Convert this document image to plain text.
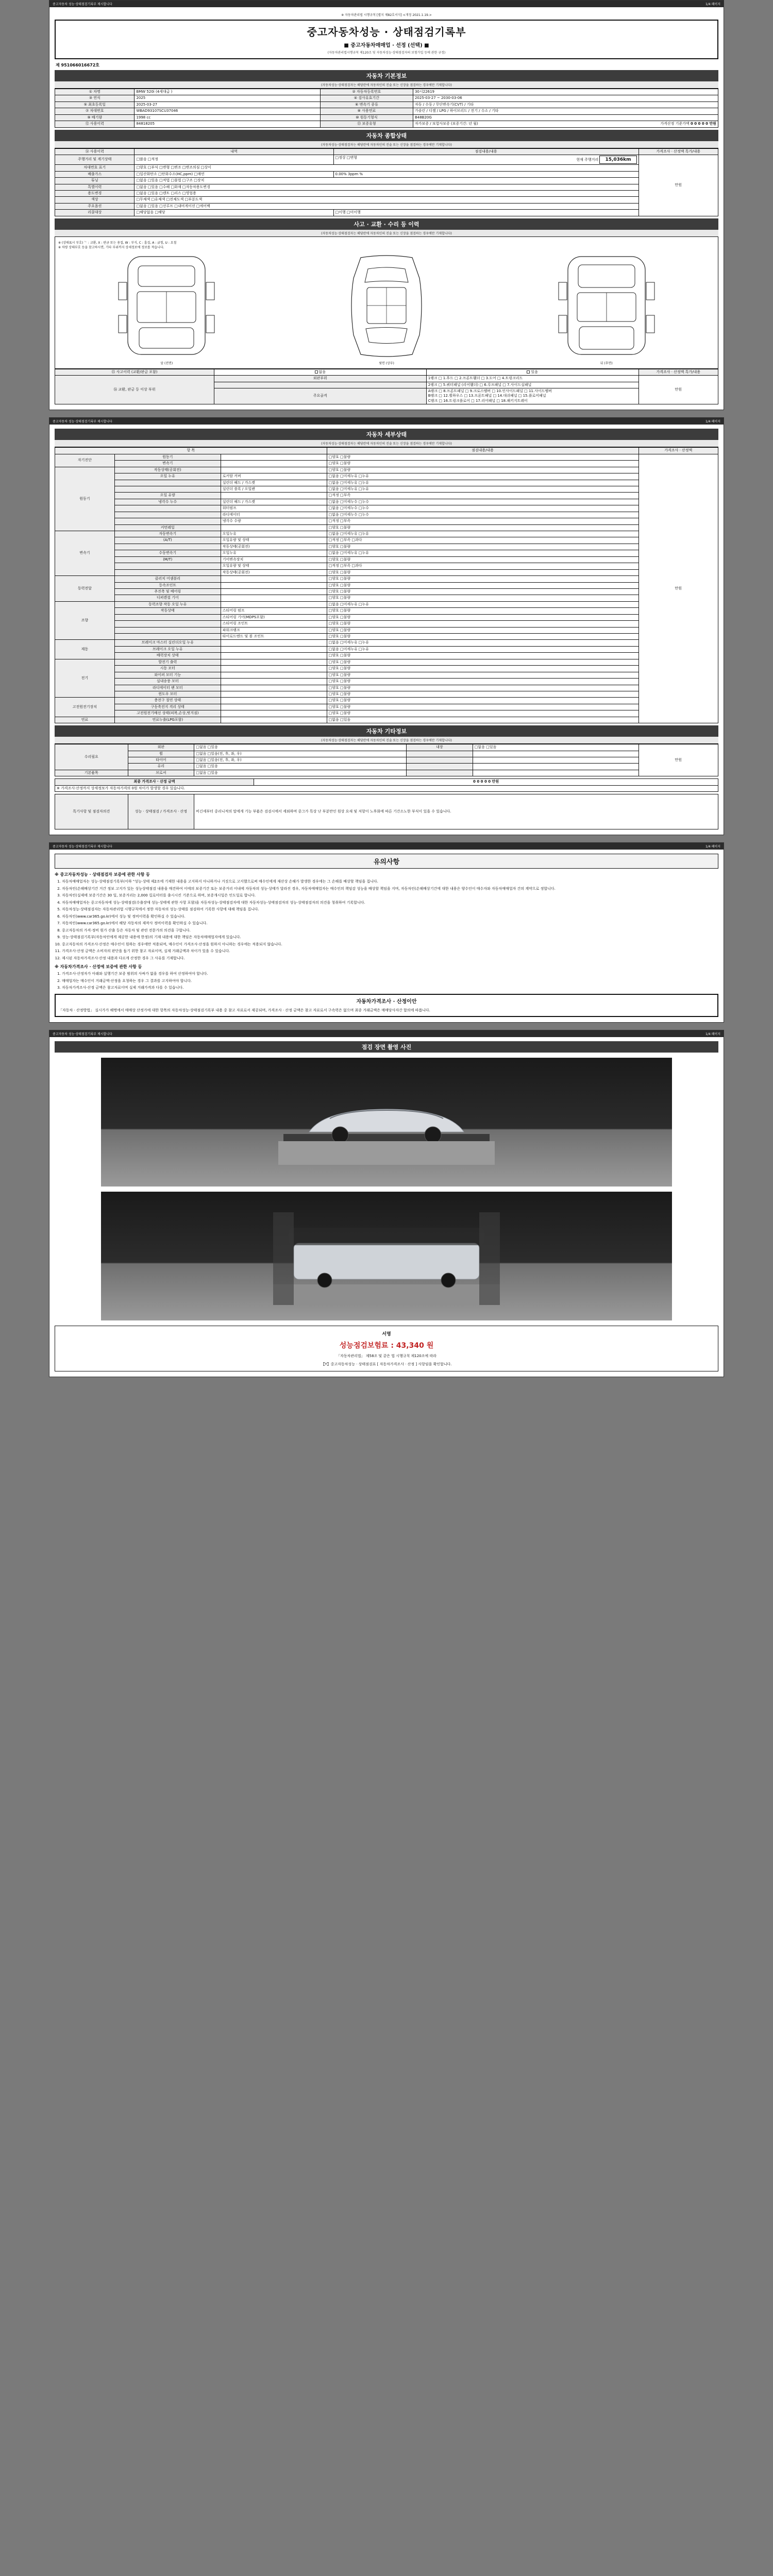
중고자동차 성능·상태점검기록부 제시합니다	1/4 페이지
※ 자동차관리법 시행규칙 [별지 제82호서식] <개정 2021.1.19.>
중고자동차성능 · 상태점검기록부
■ 중고자동차매매업 · 선정 (선택) ■
(자동차관리법시행규칙 제120조 및 자동차성능·상태점검자의 보험가입 등에 관한 규정)
제 951066016672호
자동차 기본정보
(자동차성능·상태점검자는 해당란에 자동차인의 진술 또는 신장을 점검하는 경우에만 기재합니다)
① 차명	BMW 520i (4세대급 )	② 자동차등록번호	30시22619
③ 연식	2025	④ 검사유효기간	2025-03-27 ~ 2030-03-06
⑤ 최초등록일	2025-03-27	⑥ 변속기 종류	자동 / 수동 / 무단변속기(CVT) / 기타
⑦ 차대번호	WBAD93107SCU37046	⑧ 사용연료	가솔린 / 디젤 / LPG / 하이브리드 / 전기 / 수소 / 기타
⑨ 배기량	1998 cc	⑩ 원동기형식	B48B20G
⑫ 사용이력	84818205	⑬ 보증유형	자가보증 / 보험사보증 (보증기간: 년 월) 가격산정 기준가액 0 0 0 0 0 만원
자동차 종합상태
(자동차성능·상태점검자는 해당란에 자동차인의 진술 또는 신장을 점검하는 경우에만 기재합니다)
⑭ 사용이력	내역	점검내용/내용	가격조사 · 산정액 특가/내용
주행거리 및 계기상태	□많음 □적정	□정상 □변형 현재 주행거리 15,036km	만원
차대번호 표기	□양호 □부식 □변형 □변조 □변조의심 □상이		
배출가스	□일산화탄소 □탄화수소(HC,ppm) □매연	0.00% 3ppm %	
튜닝	□없음 □있음 □적법 □불법 □구조 □장치		
특별이력	□없음 □있음 □수해 □화재 □자동차용도변경		
용도변경	□없음 □있음 □렌트 □리스 □영업용		
색상	□무채색 □유채색 □전체도색 □부분도색		
주요옵션	□없음 □있음 □선루프 □내비게이션 □에어백		
리콜대상	□해당없음 □해당	□이행 □미이행	
사고 · 교환 · 수리 등 이력
(자동차성능·상태점검자는 해당란에 자동차인의 진술 또는 신장을 점검하는 경우에만 기재합니다)
※ (상태표시 부호) ᄂ : 교환, X : 판금 또는 용접, W : 부식, C : 흠집, A : 긁힘, U : 요철
※ 차량 상태부호 등을 참고하시면, 기타 부위까지 상세정보에 정보를 적습니다.
앞 (전면)	윗면 (상부)	뒤 (후면)
⑮ 사고이력 (교환/판금 포함)	없음	있음	가격조사 · 산정액 특가/내용
⑯ 교환, 판금 등 이상 부위	외판부위	1랭크 □ 1.후드 □ 2.프론트휀더 □ 3.도어 □ 4.트렁크리드	만원
		2랭크 □ 5.쿼터패널 (리어휀더) □ 6.루프패널 □ 7.사이드실패널	
	주요골격	A랭크 □ 8.프론트패널 □ 9.크로스멤버 □ 10.인사이드패널 □ 11.사이드멤버
B랭크 □ 12.휠하우스 □ 13.프론트패널 □ 14.대쉬패널 □ 15.플로어패널
C랭크 □ 16.트렁크플로어 □ 17.리어패널 □ 18.패키지트레이	
중고자동차 성능·상태점검기록부 제시합니다	1/4 페이지
자동차 세부상태
(자동차성능·상태점검자는 해당란에 자동차인의 진술 또는 신장을 점검하는 경우에만 기재합니다)
항 목			점검내용/내용	가격조사 · 산정액
자기진단	원동기		□양호 □불량	만원
	변속기		□양호 □불량	
원동기	작동상태(공회전)		□양호 □불량	
	오일 누유	로커암 커버	□없음 □미세누유 □누유	
		실린더 헤드 / 가스켓	□없음 □미세누유 □누유	
		실린더 블록 / 오일팬	□없음 □미세누유 □누유	
	오일 유량		□적정 □부족	
	냉각수 누수	실린더 헤드 / 가스켓	□없음 □미세누수 □누수	
		워터펌프	□없음 □미세누수 □누수	
		라디에이터	□없음 □미세누수 □누수	
		냉각수 수량	□적정 □부족	
	커먼레일		□양호 □불량	
변속기	자동변속기	오일누유	□없음 □미세누유 □누유	
	(A/T)	오일유량 및 상태	□적정 □부족 □과다	
		작동상태(공회전)	□양호 □불량	
	수동변속기	오일누유	□없음 □미세누유 □누유	
	(M/T)	기어변속장치	□양호 □불량	
		오일유량 및 상태	□적정 □부족 □과다	
		작동상태(공회전)	□양호 □불량	
동력전달	클러치 어셈블리		□양호 □불량	
	등속조인트		□양호 □불량	
	추진축 및 베어링		□양호 □불량	
	디퍼렌셜 기어		□양호 □불량	
조향	동력조향 작동 오일 누유		□없음 □미세누유 □누유	
	작동상태	스티어링 펌프	□양호 □불량	
		스티어링 기어(MDPS포함)	□양호 □불량	
		스티어링 조인트	□양호 □불량	
		파워크랭크	□양호 □불량	
		타이로드엔드 및 볼 조인트	□양호 □불량	
제동	브레이크 마스터 실린더오일 누유		□없음 □미세누유 □누유	
	브레이크 오일 누유		□없음 □미세누유 □누유	
	배력장치 상태		□양호 □불량	
전기	발전기 출력		□양호 □불량	
	시동 모터		□양호 □불량	
	와이퍼 모터 기능		□양호 □불량	
	실내송풍 모터		□양호 □불량	
	라디에이터 팬 모터		□양호 □불량	
	윈도우 모터		□양호 □불량	
고전원전기장치	충전구 절연 상태		□양호 □불량	
	구동축전지 격리 상태		□양호 □불량	
	고전원전기배선 상태(피복,손상,벗겨짐)		□양호 □불량	
연료	연료누출(LPG포함)		□없음 □있음	
자동차 기타정보
(자동차성능·상태점검자는 해당란에 자동차인의 진술 또는 신장을 점검하는 경우에만 기재합니다)
수리필요	외판	□없음 □있음	내장	□없음 □있음	만원
	휠	□없음 □있음(전, 후, 좌, 우)			
	타이어	□없음 □있음(전, 후, 좌, 우)			
	유리	□없음 □있음			
기본품목	브로셔	□없음 □있음			
최종 가격조사 · 산정 금액	0 0 0 0 0 만원
※ 가격조사·산정까지 상세정보가 자동차가격의 0원 차이가 발생할 경우 있습니다.
특기사항 및 점검자의견	성능 · 상태점검 / 가격조사 · 산정	비긴세부터 중리니적의 말에게 기능 부품은 검검시에서 세외하며 중그가 특상 난 부분만인 원상 요새 및 저항이 노후화에 따른 기간소노한 부식이 있을 수 있습니다.
중고자동차 성능·상태점검기록부 제시합니다	1/4 페이지
유의사항
※ 중고자동차성능 · 상태점검자 보증에 관한 사항 등
1. 자동차매매업자는 성능·상태점검기록부(이하 "성능·상태 제2조에 기재한 내용을 고지하지 아니하거나 거짓으로 고지했으로써 매수인에게 재산상 손해가 발생한 경우에는 그 손해를 배상할 책임을 집니다.
2. 자동차인(손해배상기간 거간 정보 고지가 있는 성능상태점검 내용을 매견하여 이에의 보증기간 또는 보증거리 이내에 자동차의 성능·상태가 달라진 경우, 자동차매매업자는 매수인의 책임감 성능을 배상할 책임을 지며, 자동차인(손해배상기간에 대한 내용은 양수인이 매수자와 자동차매매업자 간의 계약으로 정합니다.
3. 자동차인(실제에 보증기간은 30 일, 보증거리는 2,000 킬로미터를 출시시킨 기준으로 하며, 보증개시일은 인도일로 합니다.
4. 자동차매매업자는 중고자동차에 성능·상태점검(수출장애 성능·상태에 관한 사항 포함)을 자동차성능·상태점검자에 대한 자동차성능·상태점검자의 성능·상태점검자의 의견을 청취하여 기록합니다.
5. 자동차성능·상태점검자는 자동차관리법 시행규칙에서 정한 자동차의 성능·상태를 점검하여 기록한 사항에 대해 책임을 집니다.
6. 자동차인(www.car365.go.kr)에서 성능 및 정비이력을 확인하실 수 있습니다.
7. 자동차인(www.car365.go.kr)에서 해당 자동차의 제작사 정비이력을 확인하실 수 있습니다.
8. 중고자동차의 가격·정비 원가 산출 등은 자동차 및 관련 전문가의 의견을 구합니다.
9. 성능·상태점검기록부(자동차인에게 제공한 내용에 한정)의 기재 내용에 대한 책임은 자동차매매업자에게 있습니다.
10. 중고자동차의 가격조사·산정은 매수인이 원하는 경우에만 적용되며, 매수인이 가격조사·산정을 원하지 아니하는 경우에는 적용되지 않습니다.
11. 가격조사·산정 금액은 소비자의 판단을 돕기 위한 참고 자료이며, 실제 거래금액과 차이가 있을 수 있습니다.
12. 제시된 자동차가격조사·산정 내용과 다르게 산정한 경우 그 사유를 기재합니다.
※ 자동차가격조사 · 산정에 보증에 관한 사항 등
1. 가격조사·산정자가 아래와 실행기간 보증 범위의 사싸가 없을 경우를 하여 산정하여야 합니다.
2. 매매업자는 매수인이 거래금액·산정을 요청하는 경우 그 결과를 고지하여야 합니다.
3. 자동차가격조사·산정 금액은 참고자료이며 실제 거래가격과 다를 수 있습니다.
자동차가격조사 · 산정이안
「자동차 · 산정방법」 실시가가 해명에서 매매상 산정가에 대한 항목의 자동차성능·상태점검기록부 내용 중 참고 자료로서 제공되며, 가격조사 · 산정 금액은 참고 자료로서 구속력은 없으며 최종 거래금액은 매매당사자간 합의에 따릅니다.
중고자동차 성능·상태점검기록부 제시합니다	1/4 페이지
점검 장면 촬영 사진
서명
성능점검보험료 : 43,340 원
「자동차관리법」 제58조 및 같은 법 시행규칙 제120조에 따라
【Y】중고자동차성능 · 상태점검표 [ 자동차가격조사 · 산정 ] 사항임을 확인합니다.
